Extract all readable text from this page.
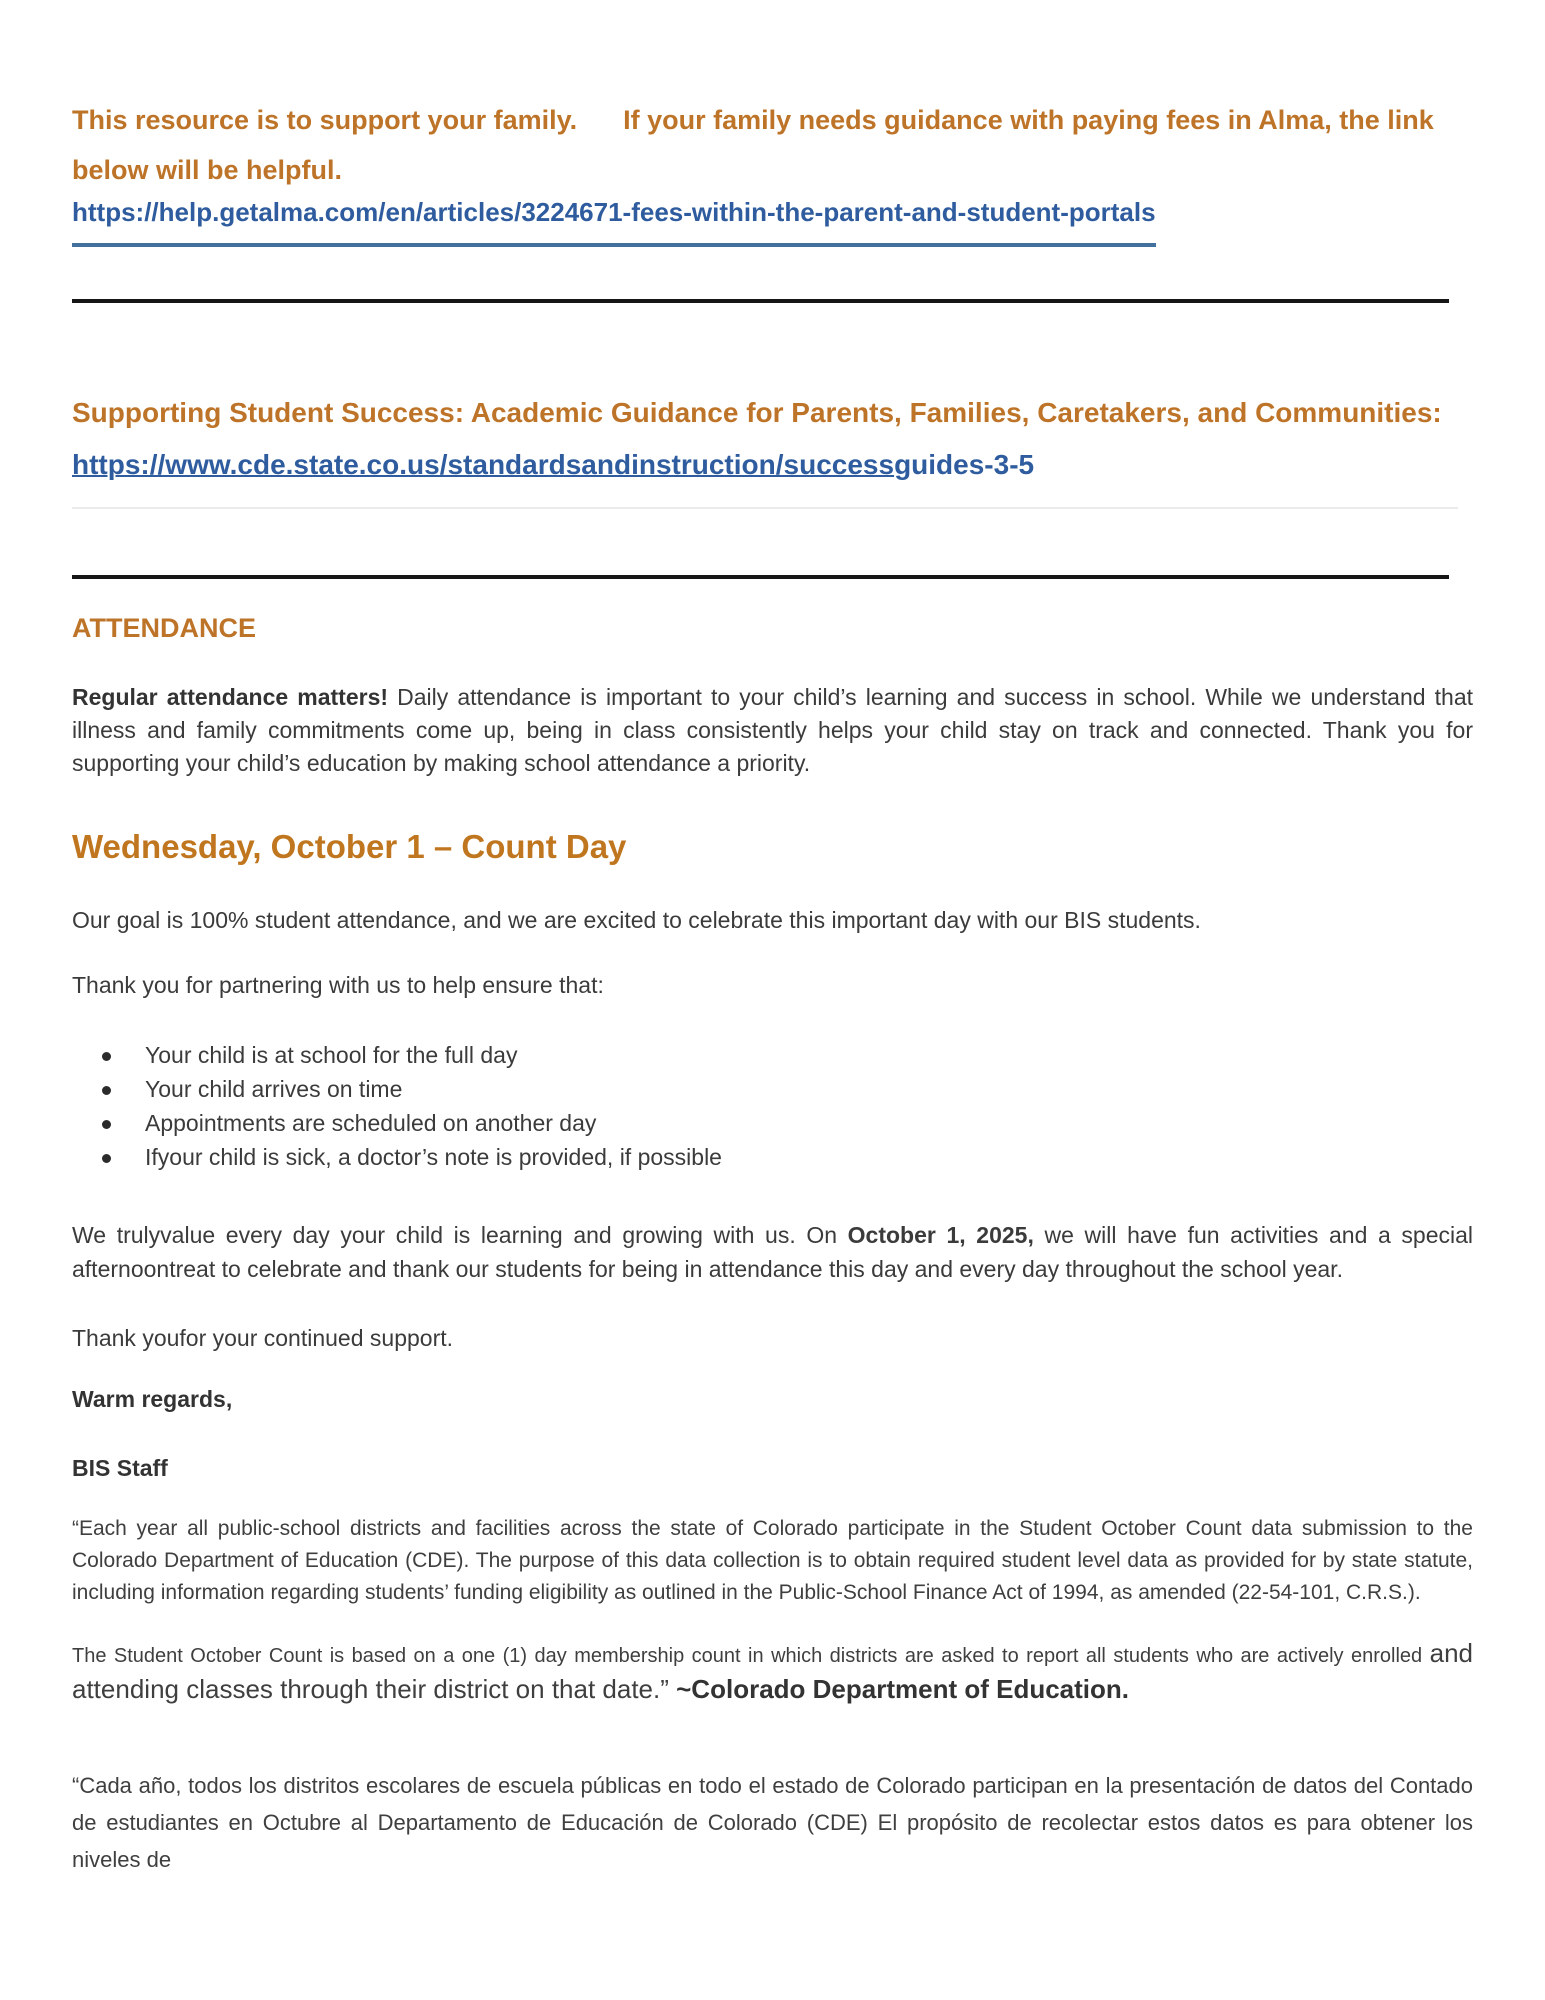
This resource is to support your family. If your family needs guidance with paying fees in Alma, the link below will be helpful.

https://help.getalma.com/en/articles/3224671-fees-within-the-parent-and-student-portals

Supporting Student Success: Academic Guidance for Parents, Families, Caretakers, and Communities: https://www.cde.state.co.us/standardsandinstruction/successguides-3-5

ATTENDANCE

Regular attendance matters! Daily attendance is important to your child’s learning and success in school. While we understand that illness and family commitments come up, being in class consistently helps your child stay on track and connected. Thank you for supporting your child’s education by making school attendance a priority.

Wednesday, October 1 – Count Day

Our goal is 100% student attendance, and we are excited to celebrate this important day with our BIS students.

Thank you for partnering with us to help ensure that:

Your child is at school for the full day
Your child arrives on time
Appointments are scheduled on another day
Ifyour child is sick, a doctor’s note is provided, if possible

We trulyvalue every day your child is learning and growing with us. On October 1, 2025, we will have fun activities and a special afternoontreat to celebrate and thank our students for being in attendance this day and every day throughout the school year.

Thank youfor your continued support.

Warm regards,

BIS Staff

“Each year all public-school districts and facilities across the state of Colorado participate in the Student October Count data submission to the Colorado Department of Education (CDE). The purpose of this data collection is to obtain required student level data as provided for by state statute, including information regarding students’ funding eligibility as outlined in the Public-School Finance Act of 1994, as amended (22-54-101, C.R.S.).

The Student October Count is based on a one (1) day membership count in which districts are asked to report all students who are actively enrolled and attending classes through their district on that date.” ~Colorado Department of Education.

“Cada año, todos los distritos escolares de escuela públicas en todo el estado de Colorado participan en la presentación de datos del Contado de estudiantes en Octubre al Departamento de Educación de Colorado (CDE) El propósito de recolectar estos datos es para obtener los niveles de
